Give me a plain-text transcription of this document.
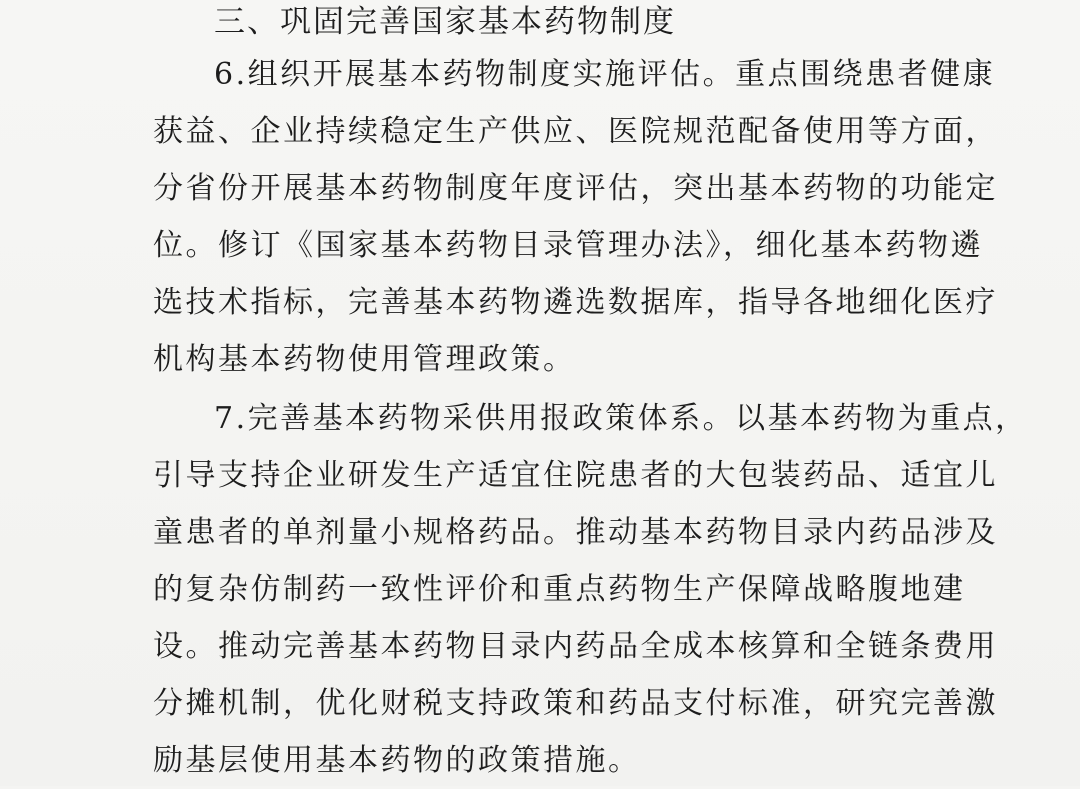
三、巩固完善国家基本药物制度
6.组织开展基本药物制度实施评估。重点围绕患者健康
获益、企业持续稳定生产供应、医院规范配备使用等方面，
分省份开展基本药物制度年度评估，突出基本药物的功能定
位。修订《国家基本药物目录管理办法》，细化基本药物遴
选技术指标，完善基本药物遴选数据库，指导各地细化医疗
机构基本药物使用管理政策。
7.完善基本药物采供用报政策体系。以基本药物为重点，
引导支持企业研发生产适宜住院患者的大包装药品、适宜儿
童患者的单剂量小规格药品。推动基本药物目录内药品涉及
的复杂仿制药一致性评价和重点药物生产保障战略腹地建
设。推动完善基本药物目录内药品全成本核算和全链条费用
分摊机制，优化财税支持政策和药品支付标准，研究完善激
励基层使用基本药物的政策措施。
